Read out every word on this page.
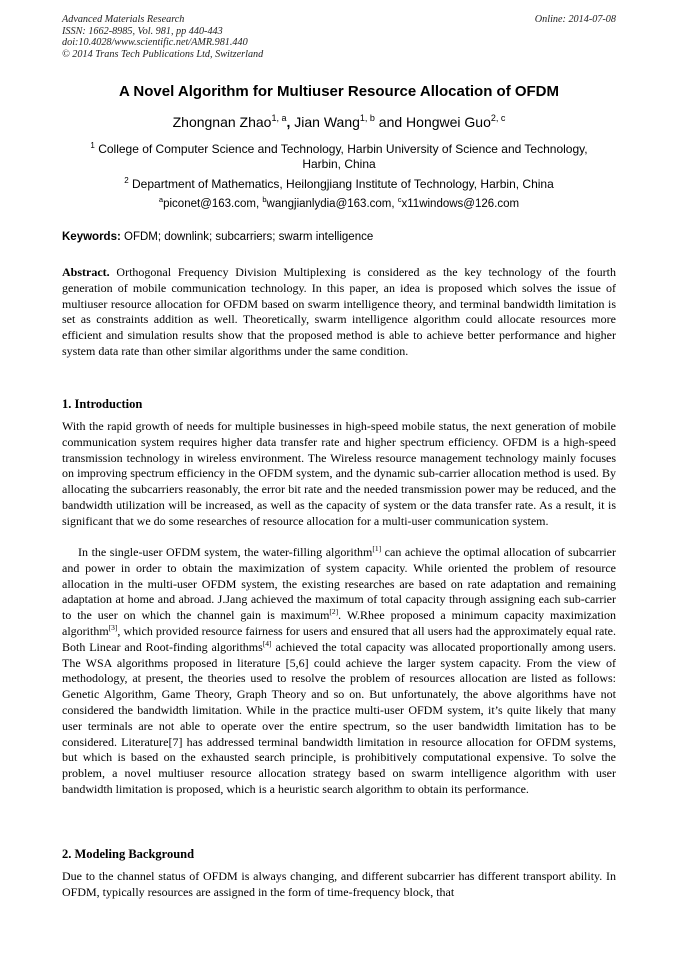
Advanced Materials Research
ISSN: 1662-8985, Vol. 981, pp 440-443
doi:10.4028/www.scientific.net/AMR.981.440
© 2014 Trans Tech Publications Ltd, Switzerland
Online: 2014-07-08
A Novel Algorithm for Multiuser Resource Allocation of OFDM
Zhongnan Zhao$^{1, a}$, Jian Wang$^{1, b}$ and Hongwei Guo$^{2, c}$
$^1$ College of Computer Science and Technology, Harbin University of Science and Technology, Harbin, China
$^2$ Department of Mathematics, Heilongjiang Institute of Technology, Harbin, China
$^a$piconet@163.com, $^b$wangjianlydia@163.com, $^c$x11windows@126.com
Keywords: OFDM; downlink; subcarriers; swarm intelligence
Abstract. Orthogonal Frequency Division Multiplexing is considered as the key technology of the fourth generation of mobile communication technology. In this paper, an idea is proposed which solves the issue of multiuser resource allocation for OFDM based on swarm intelligence theory, and terminal bandwidth limitation is set as constraints addition as well. Theoretically, swarm intelligence algorithm could allocate resources more efficient and simulation results show that the proposed method is able to achieve better performance and higher system data rate than other similar algorithms under the same condition.
1. Introduction
With the rapid growth of needs for multiple businesses in high-speed mobile status, the next generation of mobile communication system requires higher data transfer rate and higher spectrum efficiency. OFDM is a high-speed transmission technology in wireless environment. The Wireless resource management technology mainly focuses on improving spectrum efficiency in the OFDM system, and the dynamic sub-carrier allocation method is used. By allocating the subcarriers reasonably, the error bit rate and the needed transmission power may be reduced, and the bandwidth utilization will be increased, as well as the capacity of system or the data transfer rate. As a result, it is significant that we do some researches of resource allocation for a multi-user communication system.
In the single-user OFDM system, the water-filling algorithm[1] can achieve the optimal allocation of subcarrier and power in order to obtain the maximization of system capacity. While oriented the problem of resource allocation in the multi-user OFDM system, the existing researches are based on rate adaptation and remaining adaptation at home and abroad. J.Jang achieved the maximum of total capacity through assigning each sub-carrier to the user on which the channel gain is maximum[2]. W.Rhee proposed a minimum capacity maximization algorithm[3], which provided resource fairness for users and ensured that all users had the approximately equal rate. Both Linear and Root-finding algorithms[4] achieved the total capacity was allocated proportionally among users. The WSA algorithms proposed in literature [5,6] could achieve the larger system capacity. From the view of methodology, at present, the theories used to resolve the problem of resources allocation are listed as follows: Genetic Algorithm, Game Theory, Graph Theory and so on. But unfortunately, the above algorithms have not considered the bandwidth limitation. While in the practice multi-user OFDM system, it’s quite likely that many user terminals are not able to operate over the entire spectrum, so the user bandwidth limitation has to be considered. Literature[7] has addressed terminal bandwidth limitation in resource allocation for OFDM systems, but which is based on the exhausted search principle, is prohibitively computational expensive. To solve the problem, a novel multiuser resource allocation strategy based on swarm intelligence algorithm with user bandwidth limitation is proposed, which is a heuristic search algorithm to obtain its performance.
2. Modeling Background
Due to the channel status of OFDM is always changing, and different subcarrier has different transport ability. In OFDM, typically resources are assigned in the form of time-frequency block, that
